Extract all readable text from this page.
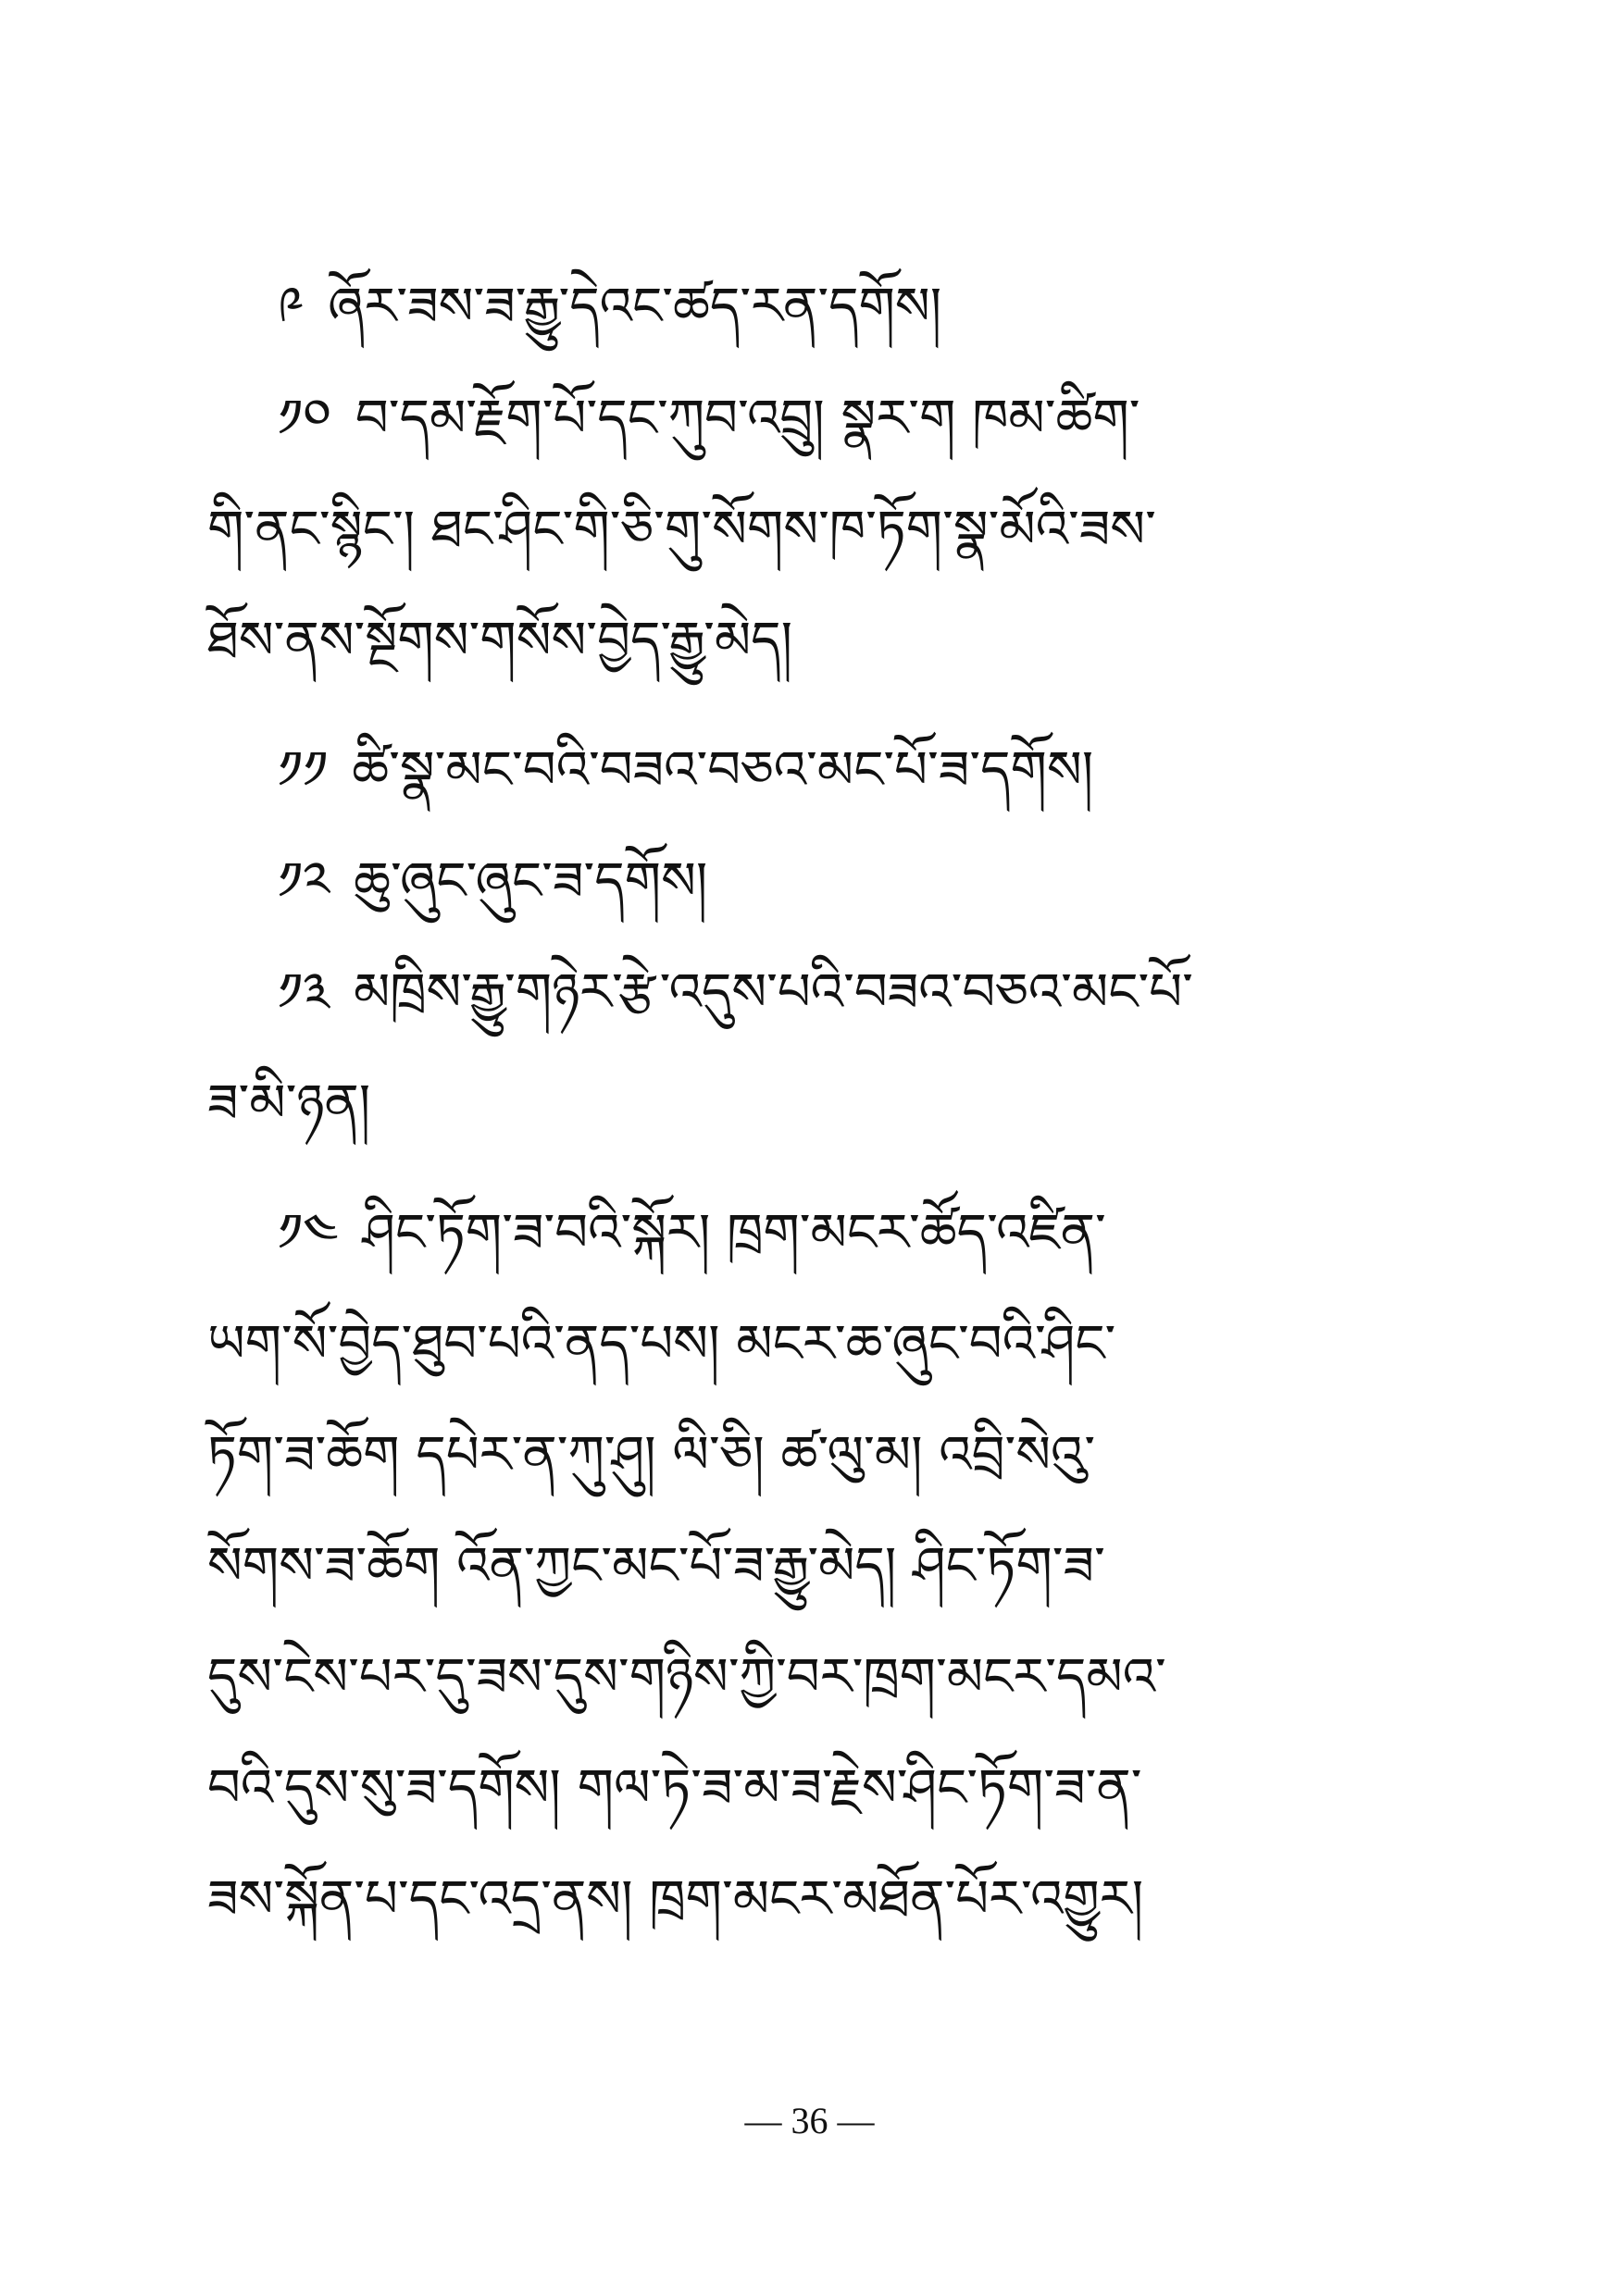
༩ ཞོར་ཟས་ཟ་རྒྱུ་དེའང་ཚད་རན་དགོས།
༡༠ བ་དམ་རྗོག་པོ་དང་ཀུབ་འབྲུ། སྣར་ག ཁམ་ཚིག་
གི་ནང་སྙིང་། ཐང་ཤིང་གི་ཅི་གུ་སོགས་ཁ་ཏོག་སྣ་མོའི་ཟས་
ཐོས་ནས་སྔོགས་གསོས་བྱེད་རྒྱུ་མེད།
༡༡ ཚི་སྣ་མང་བའི་བཟའ་བཅའ་མང་པོ་ཟ་དགོས།
༡༢ ཆུ་ཞུང་ཞུང་ཟ་དགོས།
༡༣ མཁྲིས་རྒྱུ་གཉེར་རྩེ་འདུས་པའི་བཟའ་བཅའ་མང་པོ་
ཟ་མི་ཉན།
༡༤ ཤིང་ཏོག་ཟ་བའི་སྐོར། ཁྲག་མངར་ཚོད་འཛིན་
ཡག་སོ་བྱེད་ཐུབ་པའི་ནད་པས། མངར་ཆ་ཞུང་བའི་ཤིང་
ཏོག་ཟ་ཆོག དཔེར་ན་ཀུ་ཤུ། ལི་ཅི། ཚ་ལུ་མ། འབྲི་སེའུ་
སོགས་ཟ་ཆོག འོན་ཀྱང་མང་པོ་ཟ་རྒྱུ་མེད། ཤིང་ཏོག་ཟ་
དུས་ངེས་པར་དུ་ཟས་དུས་གཉིས་ཀྱི་བར་ཁྲག་མངར་དམའ་
བའི་དུས་སུ་ཟ་དགོས། གལ་ཏེ་ཟ་མ་ཟ་རྗེས་ཤིང་ཏོག་ཟ་ན་
ཟས་སྐོན་པ་དང་འདྲ་ནས། ཁྲག་མངར་མཐོན་པོར་འགྱུར།
— 36 —
